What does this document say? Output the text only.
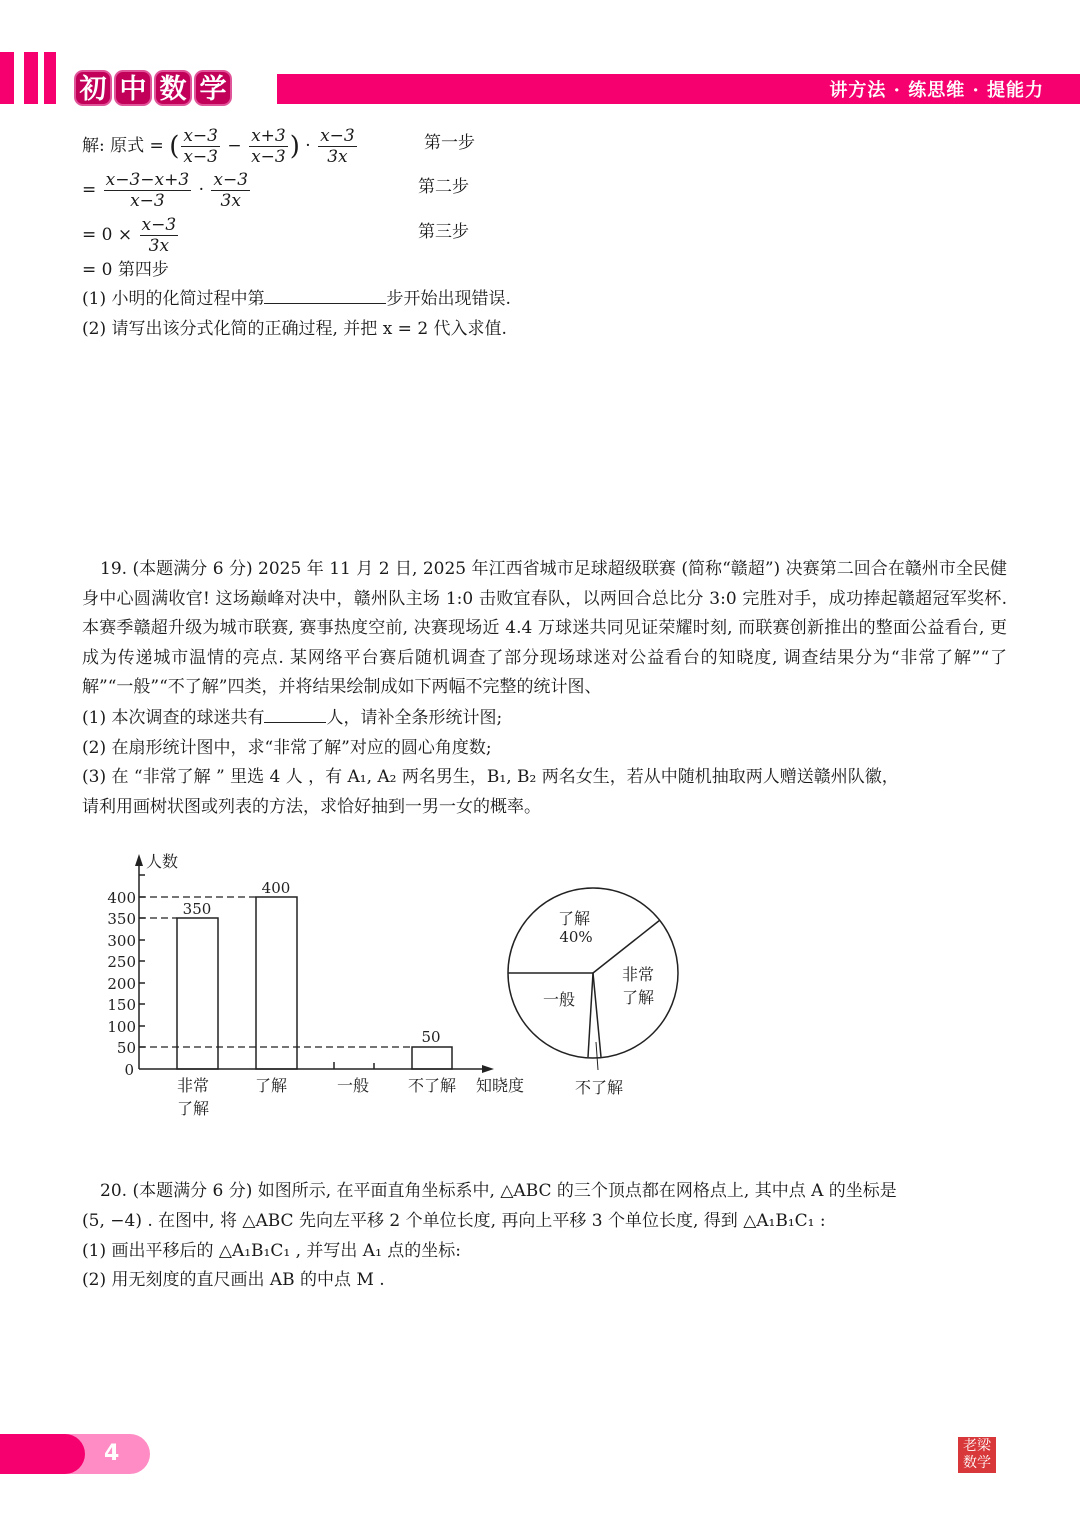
初 中 数 学	讲方法 · 练思维 · 提能力
解: 原式 = ( $\frac{x-3}{x-3} - \frac{x+3}{x-3}$ ) · $\frac{x-3}{3x}$	第一步
= $\frac{x-3-x+3}{x-3} \cdot \frac{x-3}{3x}$	第二步
= $0 \times \frac{x-3}{3x}$	第三步
= 0 第四步
(1) 小明的化简过程中第	步开始出现错误.
(2) 请写出该分式化简的正确过程, 并把 x = 2 代入求值.
19. (本题满分 6 分) 2025 年 11 月 2 日, 2025 年江西省城市足球超级联赛 (简称“赣超”) 决赛第二回合在赣州市全民健身中心圆满收官! 这场巅峰对决中，赣州队主场 1:0 击败宜春队，以两回合总比分 3:0 完胜对手，成功捧起赣超冠军奖杯. 本赛季赣超升级为城市联赛, 赛事热度空前, 决赛现场近 4.4 万球迷共同见证荣耀时刻, 而联赛创新推出的整面公益看台, 更成为传递城市温情的亮点. 某网络平台赛后随机调查了部分现场球迷对公益看台的知晓度, 调查结果分为“非常了解”“了解”“一般”“不了解”四类，并将结果绘制成如下两幅不完整的统计图、
(1) 本次调查的球迷共有	人，请补全条形统计图;
(2) 在扇形统计图中，求“非常了解”对应的圆心角度数;
(3) 在 “非常了解 ” 里选 4 人 ，有 A₁, A₂ 两名男生，B₁, B₂ 两名女生，若从中随机抽取两人赠送赣州队徽，
请利用画树状图或列表的方法，求恰好抽到一男一女的概率。
0
50
100
150
200
250
300
350
400
350
400
50
人数
非常
了解
了解	一般 不了解 知晓度
了解
40%
非常
了解
一般
不了解
20. (本题满分 6 分) 如图所示, 在平面直角坐标系中, △ABC 的三个顶点都在网格点上, 其中点 A 的坐标是
(5, −4) . 在图中, 将 △ABC 先向左平移 2 个单位长度, 再向上平移 3 个单位长度, 得到 △A₁B₁C₁ :
(1) 画出平移后的 △A₁B₁C₁ , 并写出 A₁ 点的坐标:
(2) 用无刻度的直尺画出 AB 的中点 M .
4	老梁
数学
